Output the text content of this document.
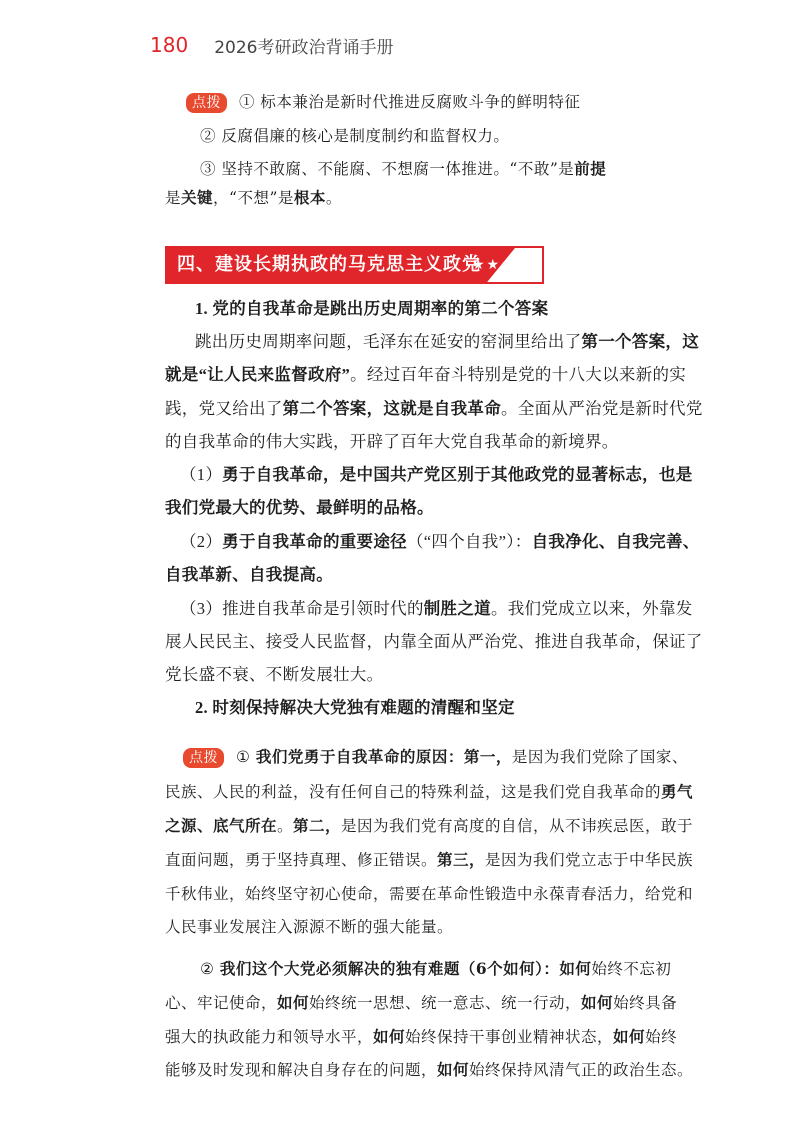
180 2026考研政治背诵手册
点拨 ① 标本兼治是新时代推进反腐败斗争的鲜明特征
② 反腐倡廉的核心是制度制约和监督权力。
③ 坚持不敢腐、不能腐、不想腐一体推进。“不敢”是前提
是关键，“不想”是根本。
四、建设长期执政的马克思主义政党
★★★
1. 党的自我革命是跳出历史周期率的第二个答案
跳出历史周期率问题，毛泽东在延安的窑洞里给出了第一个答案，这
就是“让人民来监督政府”。经过百年奋斗特别是党的十八大以来新的实
践，党又给出了第二个答案，这就是自我革命。全面从严治党是新时代党
的自我革命的伟大实践，开辟了百年大党自我革命的新境界。
（1）勇于自我革命，是中国共产党区别于其他政党的显著标志，也是
我们党最大的优势、最鲜明的品格。
（2）勇于自我革命的重要途径（“四个自我”）：自我净化、自我完善、
自我革新、自我提高。
（3）推进自我革命是引领时代的制胜之道。我们党成立以来，外靠发
展人民民主、接受人民监督，内靠全面从严治党、推进自我革命，保证了
党长盛不衰、不断发展壮大。
2. 时刻保持解决大党独有难题的清醒和坚定
点拨 ① 我们党勇于自我革命的原因：第一，是因为我们党除了国家、
民族、人民的利益，没有任何自己的特殊利益，这是我们党自我革命的勇气
之源、底气所在。第二，是因为我们党有高度的自信，从不讳疾忌医，敢于
直面问题，勇于坚持真理、修正错误。第三，是因为我们党立志于中华民族
千秋伟业，始终坚守初心使命，需要在革命性锻造中永葆青春活力，给党和
人民事业发展注入源源不断的强大能量。
② 我们这个大党必须解决的独有难题（6个如何）：如何始终不忘初
心、牢记使命，如何始终统一思想、统一意志、统一行动，如何始终具备
强大的执政能力和领导水平，如何始终保持干事创业精神状态，如何始终
能够及时发现和解决自身存在的问题，如何始终保持风清气正的政治生态。
